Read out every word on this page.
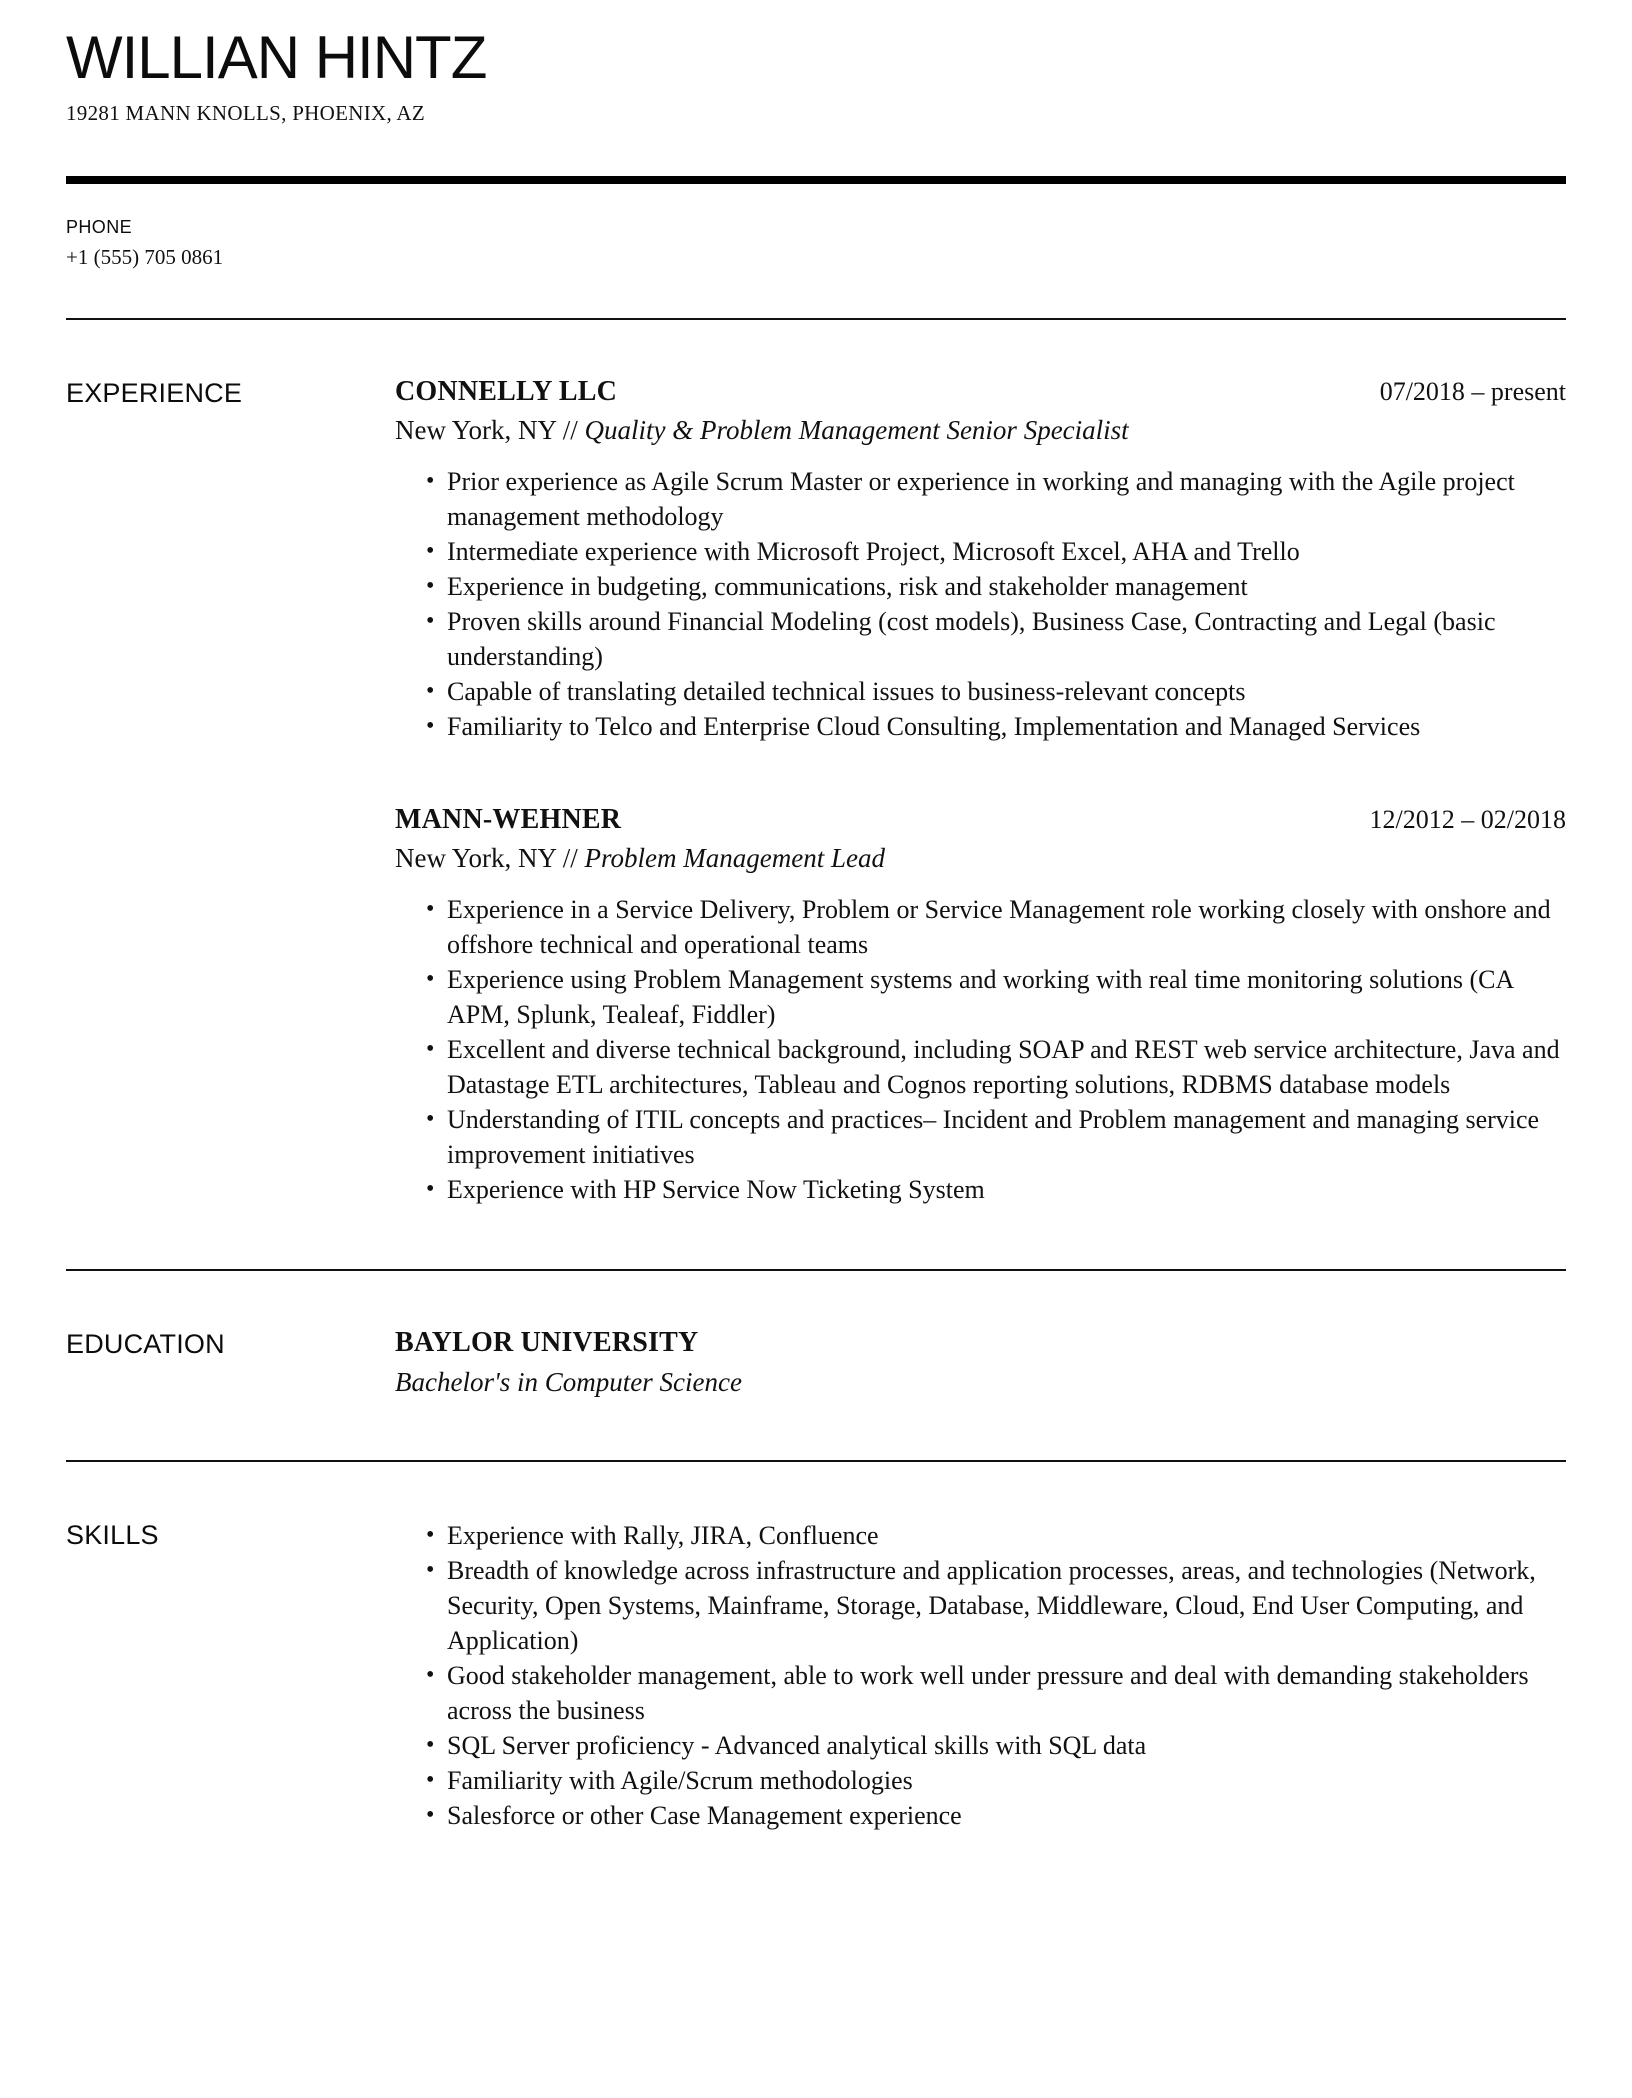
WILLIAN HINTZ
19281 MANN KNOLLS, PHOENIX, AZ
PHONE
+1 (555) 705 0861
EXPERIENCE	CONNELLY LLC	07/2018 – present

New York, NY // Quality & Problem Management Senior Specialist

• Prior experience as Agile Scrum Master or experience in working and managing with the Agile project management methodology
• Intermediate experience with Microsoft Project, Microsoft Excel, AHA and Trello
• Experience in budgeting, communications, risk and stakeholder management
• Proven skills around Financial Modeling (cost models), Business Case, Contracting and Legal (basic understanding)
• Capable of translating detailed technical issues to business-relevant concepts
• Familiarity to Telco and Enterprise Cloud Consulting, Implementation and Managed Services
MANN-WEHNER	12/2012 – 02/2018

New York, NY // Problem Management Lead

• Experience in a Service Delivery, Problem or Service Management role working closely with onshore and offshore technical and operational teams
• Experience using Problem Management systems and working with real time monitoring solutions (CA APM, Splunk, Tealeaf, Fiddler)
• Excellent and diverse technical background, including SOAP and REST web service architecture, Java and Datastage ETL architectures, Tableau and Cognos reporting solutions, RDBMS database models
• Understanding of ITIL concepts and practices– Incident and Problem management and managing service improvement initiatives
• Experience with HP Service Now Ticketing System
EDUCATION	BAYLOR UNIVERSITY
Bachelor's in Computer Science
SKILLS	• Experience with Rally, JIRA, Confluence
• Breadth of knowledge across infrastructure and application processes, areas, and technologies (Network, Security, Open Systems, Mainframe, Storage, Database, Middleware, Cloud, End User Computing, and Application)
• Good stakeholder management, able to work well under pressure and deal with demanding stakeholders across the business
• SQL Server proficiency - Advanced analytical skills with SQL data
• Familiarity with Agile/Scrum methodologies
• Salesforce or other Case Management experience
